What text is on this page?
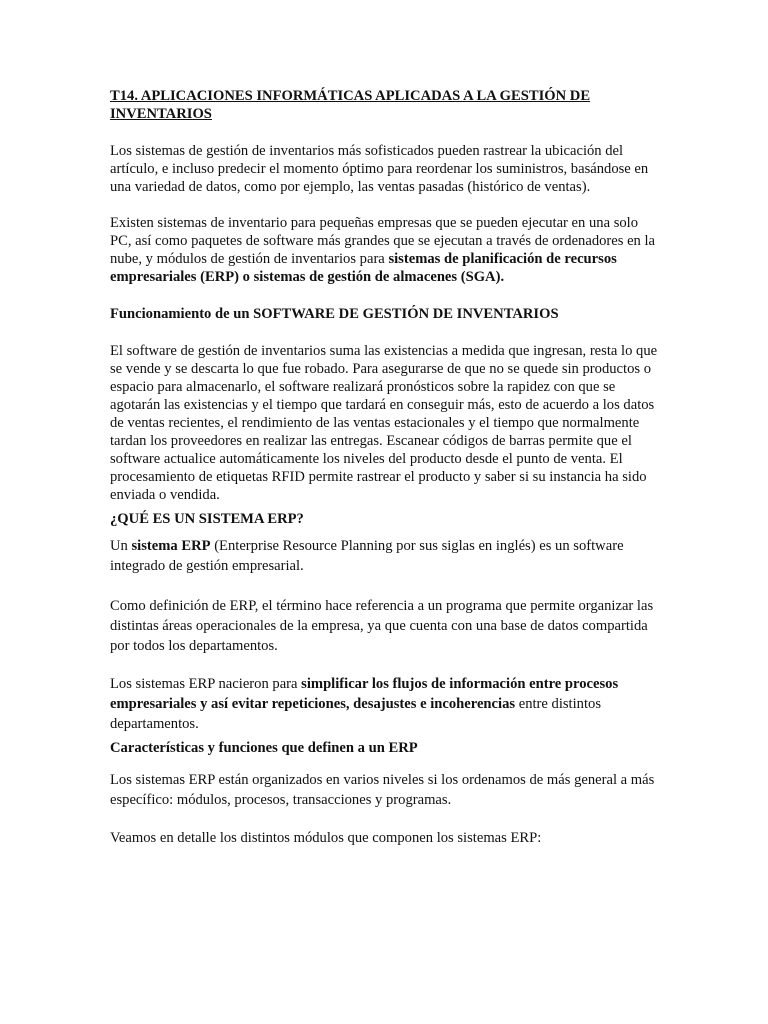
T14. APLICACIONES INFORMÁTICAS APLICADAS A LA GESTIÓN DE INVENTARIOS

Los sistemas de gestión de inventarios más sofisticados pueden rastrear la ubicación del artículo, e incluso predecir el momento óptimo para reordenar los suministros, basándose en una variedad de datos, como por ejemplo, las ventas pasadas (histórico de ventas).

Existen sistemas de inventario para pequeñas empresas que se pueden ejecutar en una solo PC, así como paquetes de software más grandes que se ejecutan a través de ordenadores en la nube, y módulos de gestión de inventarios para sistemas de planificación de recursos empresariales (ERP) o sistemas de gestión de almacenes (SGA).

Funcionamiento de un SOFTWARE DE GESTIÓN DE INVENTARIOS

El software de gestión de inventarios suma las existencias a medida que ingresan, resta lo que se vende y se descarta lo que fue robado. Para asegurarse de que no se quede sin productos o espacio para almacenarlo, el software realizará pronósticos sobre la rapidez con que se agotarán las existencias y el tiempo que tardará en conseguir más, esto de acuerdo a los datos de ventas recientes, el rendimiento de las ventas estacionales y el tiempo que normalmente tardan los proveedores en realizar las entregas. Escanear códigos de barras permite que el software actualice automáticamente los niveles del producto desde el punto de venta. El procesamiento de etiquetas RFID permite rastrear el producto y saber si su instancia ha sido enviada o vendida.

¿QUÉ ES UN SISTEMA ERP?

Un sistema ERP (Enterprise Resource Planning por sus siglas en inglés) es un software integrado de gestión empresarial.

Como definición de ERP, el término hace referencia a un programa que permite organizar las distintas áreas operacionales de la empresa, ya que cuenta con una base de datos compartida por todos los departamentos.

Los sistemas ERP nacieron para simplificar los flujos de información entre procesos empresariales y así evitar repeticiones, desajustes e incoherencias entre distintos departamentos.

Características y funciones que definen a un ERP

Los sistemas ERP están organizados en varios niveles si los ordenamos de más general a más específico: módulos, procesos, transacciones y programas.

Veamos en detalle los distintos módulos que componen los sistemas ERP:
